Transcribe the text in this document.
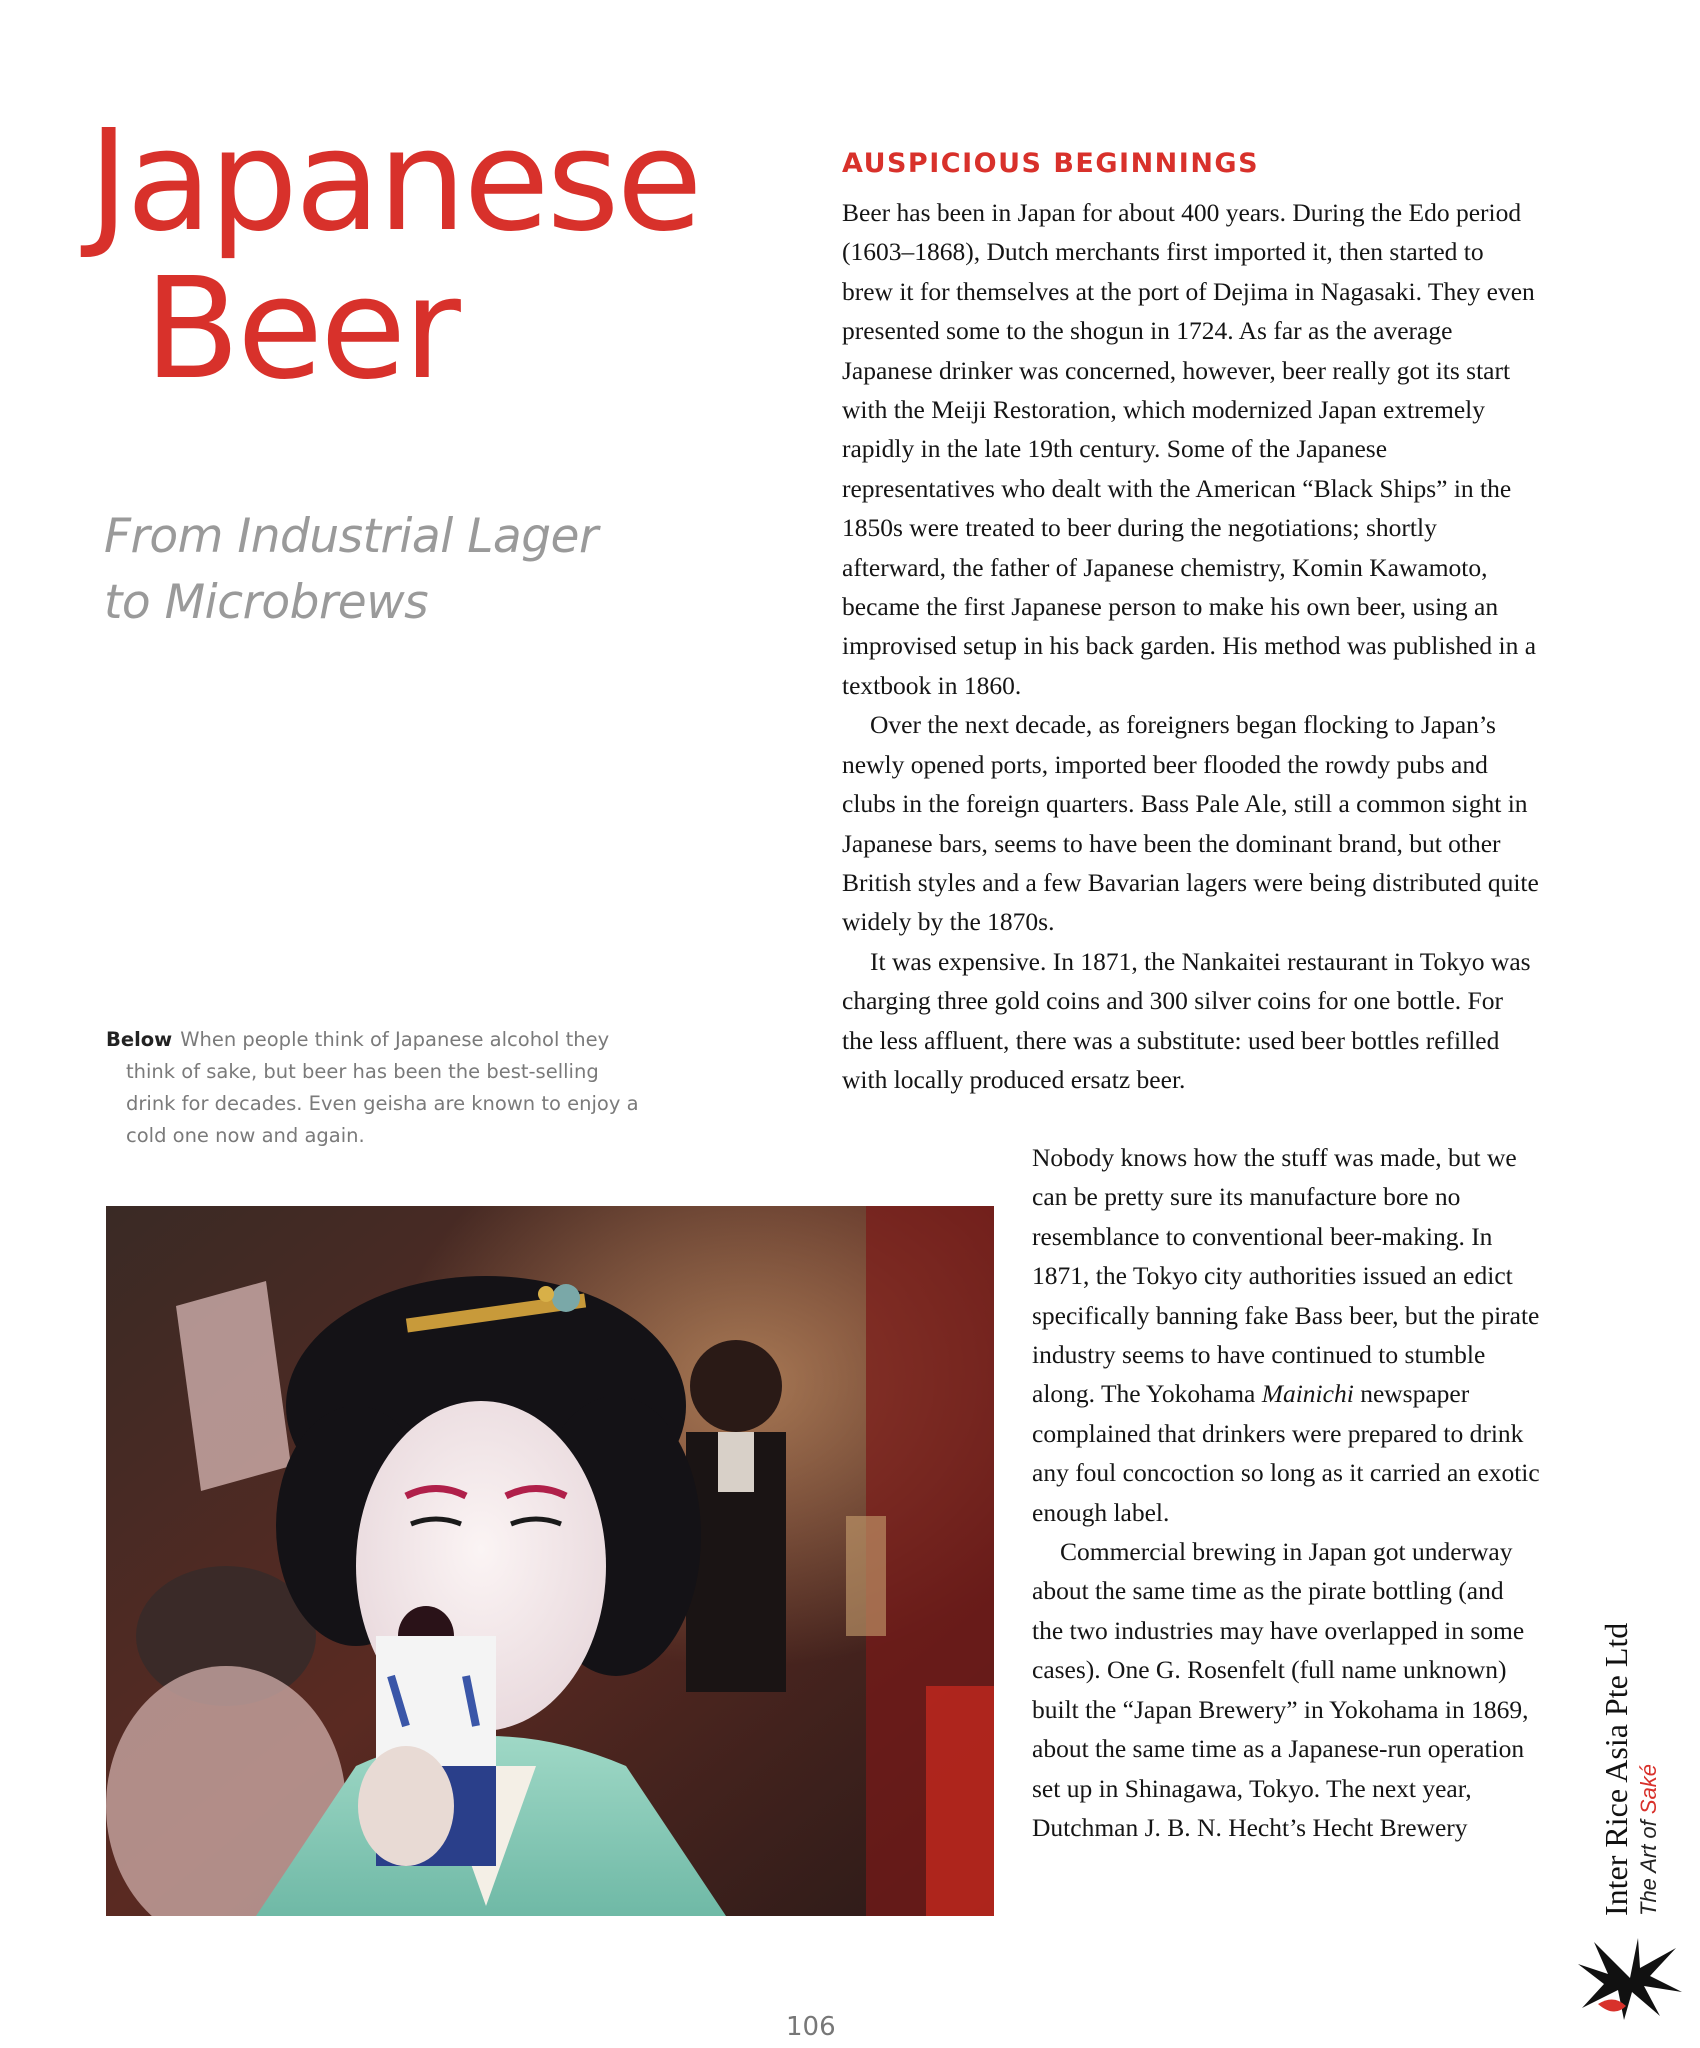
Japanese
Beer
From Industrial Lager
to Microbrews

Below When people think of Japanese alcohol they think of sake, but beer has been the best-selling drink for decades. Even geisha are known to enjoy a cold one now and again.

AUSPICIOUS BEGINNINGS

Beer has been in Japan for about 400 years. During the Edo period (1603–1868), Dutch merchants first imported it, then started to brew it for themselves at the port of Dejima in Nagasaki. They even presented some to the shogun in 1724. As far as the average Japanese drinker was concerned, however, beer really got its start with the Meiji Restoration, which modernized Japan extremely rapidly in the late 19th century. Some of the Japanese representatives who dealt with the American “Black Ships” in the 1850s were treated to beer during the negotiations; shortly afterward, the father of Japanese chemistry, Komin Kawamoto, became the first Japanese person to make his own beer, using an improvised setup in his back garden. His method was published in a textbook in 1860.

Over the next decade, as foreigners began flocking to Japan’s newly opened ports, imported beer flooded the rowdy pubs and clubs in the foreign quarters. Bass Pale Ale, still a common sight in Japanese bars, seems to have been the dominant brand, but other British styles and a few Bavarian lagers were being distributed quite widely by the 1870s.

It was expensive. In 1871, the Nankaitei restaurant in Tokyo was charging three gold coins and 300 silver coins for one bottle. For the less affluent, there was a substitute: used beer bottles refilled with locally produced ersatz beer.

Nobody knows how the stuff was made, but we can be pretty sure its manufacture bore no resemblance to conventional beer-making. In 1871, the Tokyo city authorities issued an edict specifically banning fake Bass beer, but the pirate industry seems to have continued to stumble along. The Yokohama Mainichi newspaper complained that drinkers were prepared to drink any foul concoction so long as it carried an exotic enough label.

Commercial brewing in Japan got underway about the same time as the pirate bottling (and the two industries may have overlapped in some cases). One G. Rosenfelt (full name unknown) built the “Japan Brewery” in Yokohama in 1869, about the same time as a Japanese-run operation set up in Shinagawa, Tokyo. The next year, Dutchman J. B. N. Hecht’s Hecht Brewery

106
Inter Rice Asia Pte Ltd The Art of Saké
